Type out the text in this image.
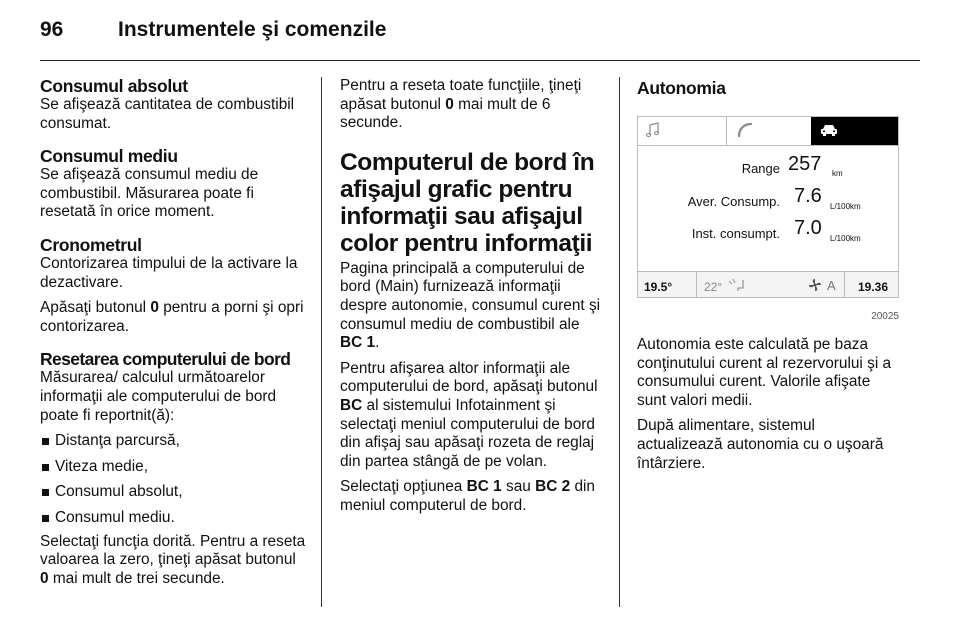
96	Instrumentele şi comenzile
Consumul absolut

Se afişează cantitatea de combustibil consumat.

Consumul mediu

Se afişează consumul mediu de combustibil. Măsurarea poate fi resetată în orice moment.

Cronometrul

Contorizarea timpului de la activare la dezactivare.

Apăsaţi butonul 0 pentru a porni şi opri contorizarea.

Resetarea computerului de bord

Măsurarea/ calculul următoarelor informaţii ale computerului de bord poate fi reportnit(ă):

Distanţa parcursă,
Viteza medie,
Consumul absolut,
Consumul mediu.

Selectaţi funcţia dorită. Pentru a reseta valoarea la zero, ţineţi apăsat butonul 0 mai mult de trei secunde.

Pentru a reseta toate funcţiile, ţineţi apăsat butonul 0 mai mult de 6 secunde.

Computerul de bord în afişajul grafic pentru informaţii sau afişajul color pentru informaţii

Pagina principală a computerului de bord (Main) furnizează informaţii despre autonomie, consumul curent şi consumul mediu de combustibil ale BC 1.

Pentru afişarea altor informaţii ale computerului de bord, apăsaţi butonul BC al sistemului Infotainment şi selectaţi meniul computerului de bord din afişaj sau apăsaţi rozeta de reglaj din partea stângă de pe volan.

Selectaţi opţiunea BC 1 sau BC 2 din meniul computerul de bord.

Autonomia
Range 257 km
Aver. Consump. 7.6 L/100km
Inst. consumpt. 7.0 L/100km
19.5°	22°	A 19.36
20025

Autonomia este calculată pe baza conţinutului curent al rezervorului şi a consumului curent. Valorile afişate sunt valori medii.

După alimentare, sistemul actualizează autonomia cu o uşoară întârziere.
